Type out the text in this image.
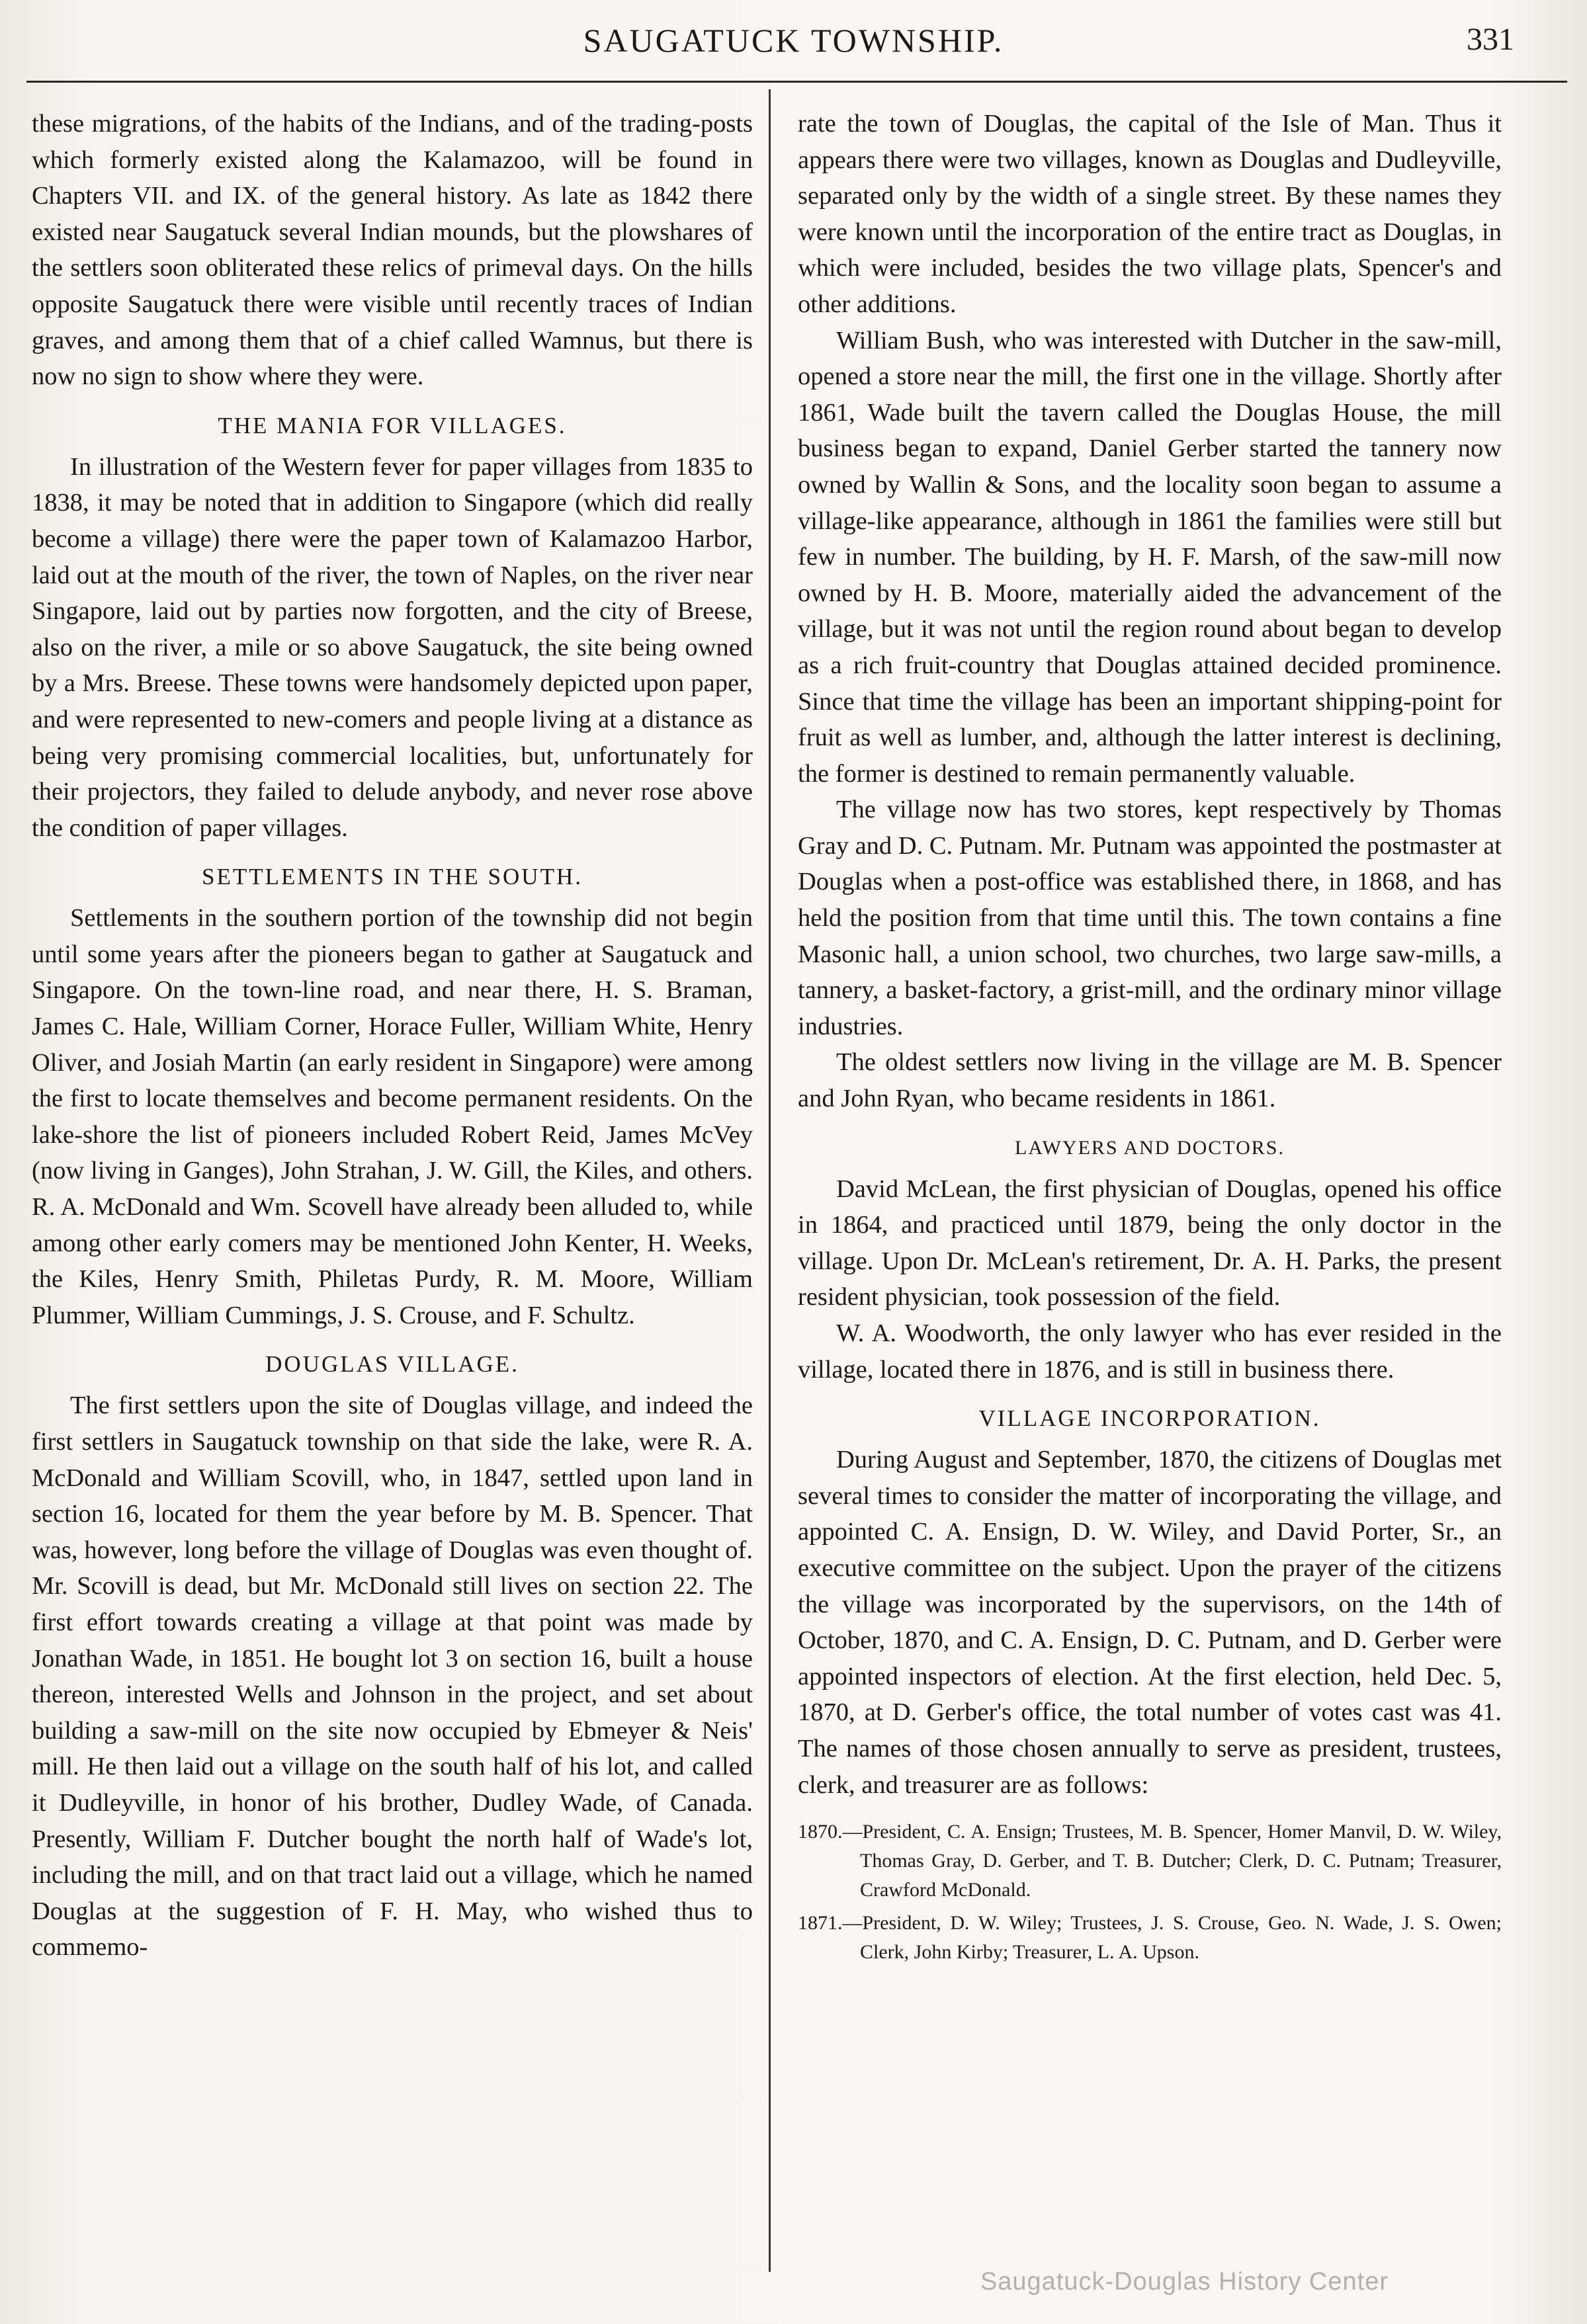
SAUGATUCK TOWNSHIP.	331

these migrations, of the habits of the Indians, and of the trading-posts which formerly existed along the Kalamazoo, will be found in Chapters VII. and IX. of the general history. As late as 1842 there existed near Saugatuck several Indian mounds, but the plowshares of the settlers soon obliterated these relics of primeval days. On the hills opposite Saugatuck there were visible until recently traces of Indian graves, and among them that of a chief called Wamnus, but there is now no sign to show where they were.

THE MANIA FOR VILLAGES.

In illustration of the Western fever for paper villages from 1835 to 1838, it may be noted that in addition to Singapore (which did really become a village) there were the paper town of Kalamazoo Harbor, laid out at the mouth of the river, the town of Naples, on the river near Singapore, laid out by parties now forgotten, and the city of Breese, also on the river, a mile or so above Saugatuck, the site being owned by a Mrs. Breese. These towns were handsomely depicted upon paper, and were represented to new-comers and people living at a distance as being very promising commercial localities, but, unfortunately for their projectors, they failed to delude anybody, and never rose above the condition of paper villages.

SETTLEMENTS IN THE SOUTH.

Settlements in the southern portion of the township did not begin until some years after the pioneers began to gather at Saugatuck and Singapore. On the town-line road, and near there, H. S. Braman, James C. Hale, William Corner, Horace Fuller, William White, Henry Oliver, and Josiah Martin (an early resident in Singapore) were among the first to locate themselves and become permanent residents. On the lake-shore the list of pioneers included Robert Reid, James McVey (now living in Ganges), John Strahan, J. W. Gill, the Kiles, and others. R. A. McDonald and Wm. Scovell have already been alluded to, while among other early comers may be mentioned John Kenter, H. Weeks, the Kiles, Henry Smith, Philetas Purdy, R. M. Moore, William Plummer, William Cummings, J. S. Crouse, and F. Schultz.

DOUGLAS VILLAGE.

The first settlers upon the site of Douglas village, and indeed the first settlers in Saugatuck township on that side the lake, were R. A. McDonald and William Scovill, who, in 1847, settled upon land in section 16, located for them the year before by M. B. Spencer. That was, however, long before the village of Douglas was even thought of. Mr. Scovill is dead, but Mr. McDonald still lives on section 22. The first effort towards creating a village at that point was made by Jonathan Wade, in 1851. He bought lot 3 on section 16, built a house thereon, interested Wells and Johnson in the project, and set about building a saw-mill on the site now occupied by Ebmeyer & Neis' mill. He then laid out a village on the south half of his lot, and called it Dudleyville, in honor of his brother, Dudley Wade, of Canada. Presently, William F. Dutcher bought the north half of Wade's lot, including the mill, and on that tract laid out a village, which he named Douglas at the suggestion of F. H. May, who wished thus to commemo-

rate the town of Douglas, the capital of the Isle of Man. Thus it appears there were two villages, known as Douglas and Dudleyville, separated only by the width of a single street. By these names they were known until the incorporation of the entire tract as Douglas, in which were included, besides the two village plats, Spencer's and other additions.

William Bush, who was interested with Dutcher in the saw-mill, opened a store near the mill, the first one in the village. Shortly after 1861, Wade built the tavern called the Douglas House, the mill business began to expand, Daniel Gerber started the tannery now owned by Wallin & Sons, and the locality soon began to assume a village-like appearance, although in 1861 the families were still but few in number. The building, by H. F. Marsh, of the saw-mill now owned by H. B. Moore, materially aided the advancement of the village, but it was not until the region round about began to develop as a rich fruit-country that Douglas attained decided prominence. Since that time the village has been an important shipping-point for fruit as well as lumber, and, although the latter interest is declining, the former is destined to remain permanently valuable.

The village now has two stores, kept respectively by Thomas Gray and D. C. Putnam. Mr. Putnam was appointed the postmaster at Douglas when a post-office was established there, in 1868, and has held the position from that time until this. The town contains a fine Masonic hall, a union school, two churches, two large saw-mills, a tannery, a basket-factory, a grist-mill, and the ordinary minor village industries.

The oldest settlers now living in the village are M. B. Spencer and John Ryan, who became residents in 1861.

LAWYERS AND DOCTORS.

David McLean, the first physician of Douglas, opened his office in 1864, and practiced until 1879, being the only doctor in the village. Upon Dr. McLean's retirement, Dr. A. H. Parks, the present resident physician, took possession of the field.

W. A. Woodworth, the only lawyer who has ever resided in the village, located there in 1876, and is still in business there.

VILLAGE INCORPORATION.

During August and September, 1870, the citizens of Douglas met several times to consider the matter of incorporating the village, and appointed C. A. Ensign, D. W. Wiley, and David Porter, Sr., an executive committee on the subject. Upon the prayer of the citizens the village was incorporated by the supervisors, on the 14th of October, 1870, and C. A. Ensign, D. C. Putnam, and D. Gerber were appointed inspectors of election. At the first election, held Dec. 5, 1870, at D. Gerber's office, the total number of votes cast was 41. The names of those chosen annually to serve as president, trustees, clerk, and treasurer are as follows:

1870.—President, C. A. Ensign; Trustees, M. B. Spencer, Homer Manvil, D. W. Wiley, Thomas Gray, D. Gerber, and T. B. Dutcher; Clerk, D. C. Putnam; Treasurer, Crawford McDonald.
1871.—President, D. W. Wiley; Trustees, J. S. Crouse, Geo. N. Wade, J. S. Owen; Clerk, John Kirby; Treasurer, L. A. Upson.
Saugatuck-Douglas History Center
